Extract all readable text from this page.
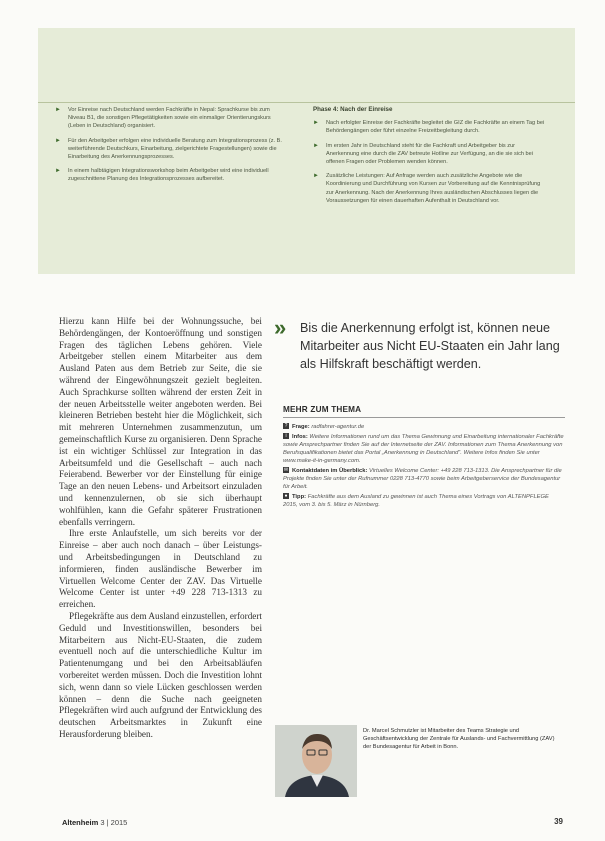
► Vor Einreise nach Deutschland werden Fachkräfte in Nepal: Sprachkurse bis zum Niveau B1, die sonstigen Pflegetätigkeiten sowie ein einmaliger Orientierungskurs (Leben in Deutschland) organisiert.
► Für den Arbeitgeber erfolgen eine individuelle Beratung zum Integrationsprozess (z. B. weiterführende Deutschkurs, Einarbeitung, zielgerichtete Fragestellungen) sowie die Einarbeitung des Anerkennungsprozesses.
► In einem halbtägigen Integrationsworkshop beim Arbeitgeber wird eine individuell zugeschnittene Planung des Integrationsprozesses aufbereitet.
Phase 4: Nach der Einreise
► Nach erfolgter Einreise der Fachkräfte begleitet die GIZ die Fachkräfte an einem Tag bei Behördengängen oder führt einzelne Freizeitbegleitung durch.
► Im ersten Jahr in Deutschland steht für die Fachkraft und Arbeitgeber bis zur Anerkennung eine durch die ZAV betreute Hotline zur Verfügung, an die sie sich bei offenen Fragen oder Problemen wenden können.
► Zusätzliche Leistungen: Auf Anfrage werden auch zusätzliche Angebote wie die Koordinierung und Durchführung von Kursen zur Vorbereitung auf die Kenntnisprüfung zur Anerkennung. Nach der Anerkennung Ihres ausländischen Abschlusses liegen die Voraussetzungen für einen dauerhaften Aufenthalt in Deutschland vor.

Hierzu kann Hilfe bei der Wohnungssuche, bei Behördengängen, der Kontoeröffnung und sonstigen Fragen des täglichen Lebens gehören. Viele Arbeitgeber stellen einem Mitarbeiter aus dem Ausland Paten aus dem Betrieb zur Seite, die sie während der Eingewöhnungszeit gezielt begleiten. Auch Sprachkurse sollten während der ersten Zeit in der neuen Arbeitsstelle weiter angeboten werden. Bei kleineren Betrieben besteht hier die Möglichkeit, sich mit mehreren Unternehmen zusammenzutun, um gemeinschaftlich Kurse zu organisieren. Denn Sprache ist ein wichtiger Schlüssel zur Integration in das Arbeitsumfeld und die Gesellschaft – auch nach Feierabend. Bewerber vor der Einstellung für einige Tage an den neuen Lebens- und Arbeitsort einzuladen und kennenzulernen, ob sie sich überhaupt wohlfühlen, kann die Gefahr späterer Frustrationen ebenfalls verringern.

Ihre erste Anlaufstelle, um sich bereits vor der Einreise – aber auch noch danach – über Leistungs- und Arbeitsbedingungen in Deutschland zu informieren, finden ausländische Bewerber im Virtuellen Welcome Center der ZAV. Das Virtuelle Welcome Center ist unter +49 228 713-1313 zu erreichen.

Pflegekräfte aus dem Ausland einzustellen, erfordert Geduld und Investitionswillen, besonders bei Mitarbeitern aus Nicht-EU-Staaten, die zudem eventuell noch auf die unterschiedliche Kultur im Patientenumgang und bei den Arbeitsabläufen vorbereitet werden müssen. Doch die Investition lohnt sich, wenn dann so viele Lücken geschlossen werden können – denn die Suche nach geeigneten Pflegekräften wird auch aufgrund der Entwicklung des deutschen Arbeitsmarktes in Zukunft eine Herausforderung bleiben.

» Bis die Anerkennung erfolgt ist, können neue Mitarbeiter aus Nicht EU-Staaten ein Jahr lang als Hilfskraft beschäftigt werden.
MEHR ZUM THEMA
? Frage: radfahrer-agentur.de
i Infos: Weitere Informationen rund um das Thema Gewinnung und Einarbeitung internationaler Fachkräfte sowie Ansprechpartner finden Sie auf der Internetseite der ZAV. Informationen zum Thema Anerkennung von Berufsqualifikationen bietet das Portal „Anerkennung in Deutschland“. Weitere Infos finden Sie unter www.make-it-in-germany.com.
✉ Kontaktdaten im Überblick: Virtuelles Welcome Center: +49 228 713-1313. Die Ansprechpartner für die Projekte finden Sie unter der Rufnummer 0228 713-4770 sowie beim Arbeitgeberservice der Bundesagentur für Arbeit.
● Tipp: Fachkräfte aus dem Ausland zu gewinnen ist auch Thema eines Vortrags von ALTENPFLEGE 2015, vom 3. bis 5. März in Nürnberg.
Dr. Marcel Schmutzler ist Mitarbeiter des Teams Strategie und Geschäftsentwicklung der Zentrale für Auslands- und Fachvermittlung (ZAV) der Bundesagentur für Arbeit in Bonn.
Altenheim 3 | 2015	39
